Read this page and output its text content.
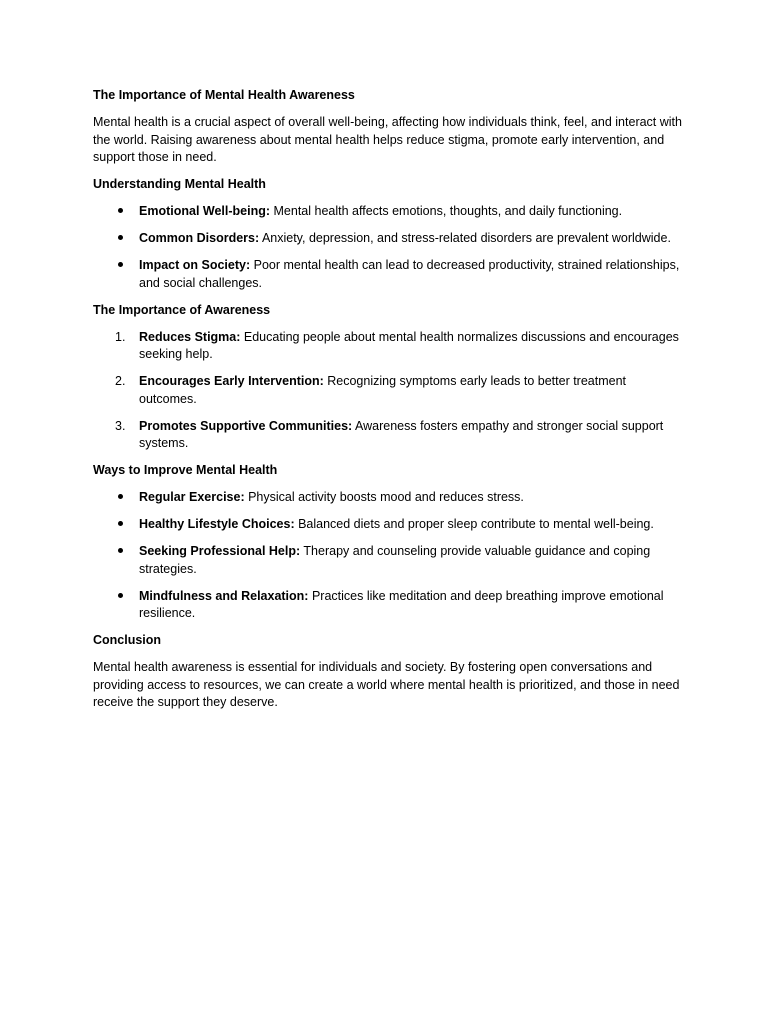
The Importance of Mental Health Awareness

Mental health is a crucial aspect of overall well-being, affecting how individuals think, feel, and interact with the world. Raising awareness about mental health helps reduce stigma, promote early intervention, and support those in need.

Understanding Mental Health

Emotional Well-being: Mental health affects emotions, thoughts, and daily functioning.
Common Disorders: Anxiety, depression, and stress-related disorders are prevalent worldwide.
Impact on Society: Poor mental health can lead to decreased productivity, strained relationships, and social challenges.

The Importance of Awareness

1.	Reduces Stigma: Educating people about mental health normalizes discussions and encourages seeking help.
2.	Encourages Early Intervention: Recognizing symptoms early leads to better treatment outcomes.
3.	Promotes Supportive Communities: Awareness fosters empathy and stronger social support systems.

Ways to Improve Mental Health

Regular Exercise: Physical activity boosts mood and reduces stress.
Healthy Lifestyle Choices: Balanced diets and proper sleep contribute to mental well-being.
Seeking Professional Help: Therapy and counseling provide valuable guidance and coping strategies.
Mindfulness and Relaxation: Practices like meditation and deep breathing improve emotional resilience.

Conclusion

Mental health awareness is essential for individuals and society. By fostering open conversations and providing access to resources, we can create a world where mental health is prioritized, and those in need receive the support they deserve.
